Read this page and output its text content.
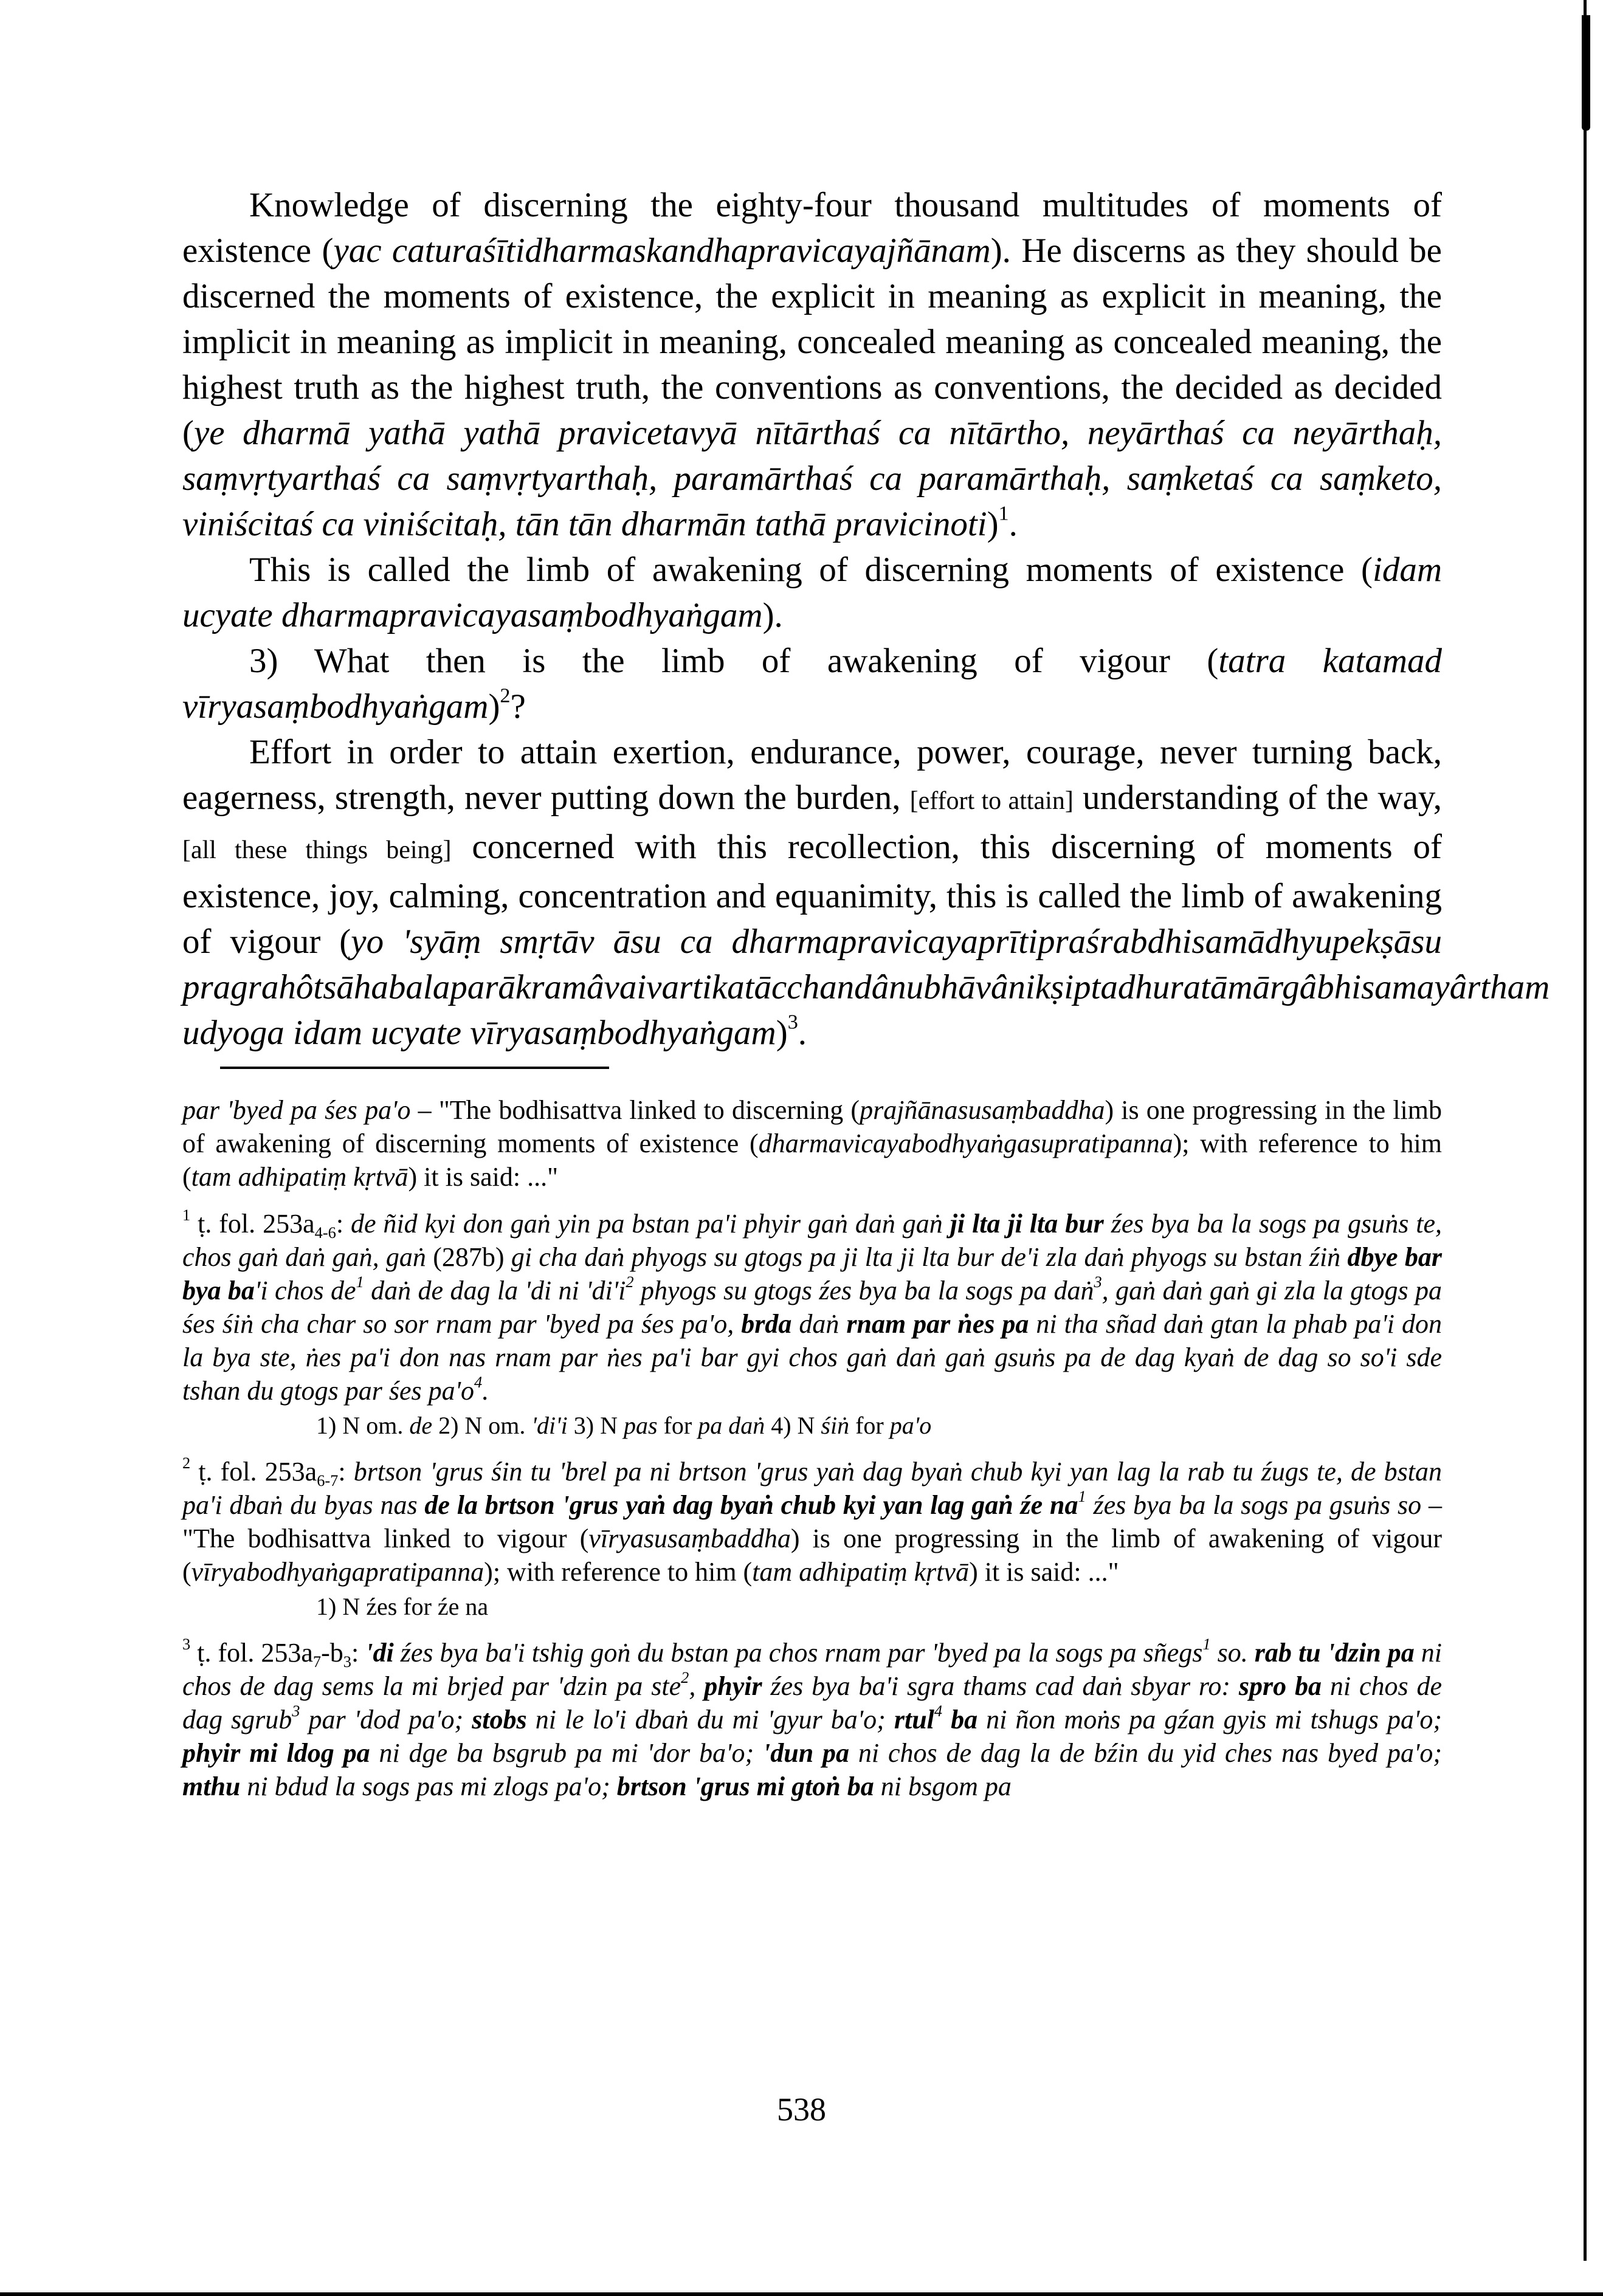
Knowledge of discerning the eighty-four thousand multitudes of moments of existence (yac caturaśītidharmaskandhapravicayajñānam). He discerns as they should be discerned the moments of existence, the explicit in meaning as explicit in meaning, the implicit in meaning as implicit in meaning, concealed meaning as concealed meaning, the highest truth as the highest truth, the conventions as conventions, the decided as decided (ye dharmā yathā yathā pravicetavyā nītārthaś ca nītārtho, neyārthaś ca neyārthaḥ, saṃvṛtyarthaś ca saṃvṛtyarthaḥ, paramārthaś ca paramārthaḥ, saṃketaś ca saṃketo, viniścitaś ca viniścitaḥ, tān tān dharmān tathā pravicinoti)$^1$.

This is called the limb of awakening of discerning moments of existence (idam ucyate dharmapravicayasaṃbodhyaṅgam).

3) What then is the limb of awakening of vigour (tatra katamad vīryasaṃbodhyaṅgam)$^2$?

Effort in order to attain exertion, endurance, power, courage, never turning back, eagerness, strength, never putting down the burden, [effort to attain] understanding of the way, [all these things being] concerned with this recollection, this discerning of moments of existence, joy, calming, concentration and equanimity, this is called the limb of awakening of vigour (yo 'syāṃ smṛtāv āsu ca dharmapravicayaprītipraśrabdhisamādhyupekṣāsu pragrahôtsāhabalaparākramâvaivartikatācchandânubhāvânikṣiptadhuratāmārgâbhisamayârtham udyoga idam ucyate vīryasaṃbodhyaṅgam)$^3$.

par 'byed pa śes pa'o – "The bodhisattva linked to discerning (prajñānasusaṃbaddha) is one progressing in the limb of awakening of discerning moments of existence (dharmavicayabodhyaṅgasupratipanna); with reference to him (tam adhipatiṃ kṛtvā) it is said: ..."

$^1$ ṭ. fol. $253a_{4-6}$: de ñid kyi don gaṅ yin pa bstan pa'i phyir gaṅ daṅ gaṅ ji lta ji lta bur źes bya ba la sogs pa gsuṅs te, chos gaṅ daṅ gaṅ, gaṅ (287b) gi cha daṅ phyogs su gtogs pa ji lta ji lta bur de'i zla daṅ phyogs su bstan źiṅ dbye bar bya ba'i chos $de^1$ daṅ de dag la 'di ni '$di'i^2$ phyogs su gtogs źes bya ba la sogs pa daṅ$^3$, gaṅ daṅ gaṅ gi zla la gtogs pa śes śiṅ cha char so sor rnam par 'byed pa śes pa'o, brda daṅ rnam par ṅes pa ni tha sñad daṅ gtan la phab pa'i don la bya ste, ṅes pa'i don nas rnam par ṅes pa'i bar gyi chos gaṅ daṅ gaṅ gsuṅs pa de dag kyaṅ de dag so so'i sde tshan du gtogs par śes $pa'o^4$.

1) N om. de 2) N om. 'di'i 3) N pas for pa daṅ 4) N śiṅ for pa'o

$^2$ ṭ. fol. $253a_{6-7}$: brtson 'grus śin tu 'brel pa ni brtson 'grus yaṅ dag byaṅ chub kyi yan lag la rab tu źugs te, de bstan pa'i dbaṅ du byas nas de la brtson 'grus yaṅ dag byaṅ chub kyi yan lag gaṅ źe $na^1$ źes bya ba la sogs pa gsuṅs so – "The bodhisattva linked to vigour (vīryasusaṃbaddha) is one progressing in the limb of awakening of vigour (vīryabodhyaṅgapratipanna); with reference to him (tam adhipatiṃ kṛtvā) it is said: ..."

1) N źes for źe na

$^3$ ṭ. fol. $253a_7-b_3$: 'di źes bya ba'i tshig goṅ du bstan pa chos rnam par 'byed pa la sogs pa sñegs$^1$ so. rab tu 'dzin pa ni chos de dag sems la mi brjed par 'dzin pa ste$^2$, phyir źes bya ba'i sgra thams cad daṅ sbyar ro: spro ba ni chos de dag sgrub$^3$ par 'dod pa'o; stobs ni le lo'i dbaṅ du mi 'gyur ba'o; rtul$^4$ ba ni ñon moṅs pa gźan gyis mi tshugs pa'o; phyir mi ldog pa ni dge ba bsgrub pa mi 'dor ba'o; 'dun pa ni chos de dag la de bźin du yid ches nas byed pa'o; mthu ni bdud la sogs pas mi zlogs pa'o; brtson 'grus mi gtoṅ ba ni bsgom pa

538
